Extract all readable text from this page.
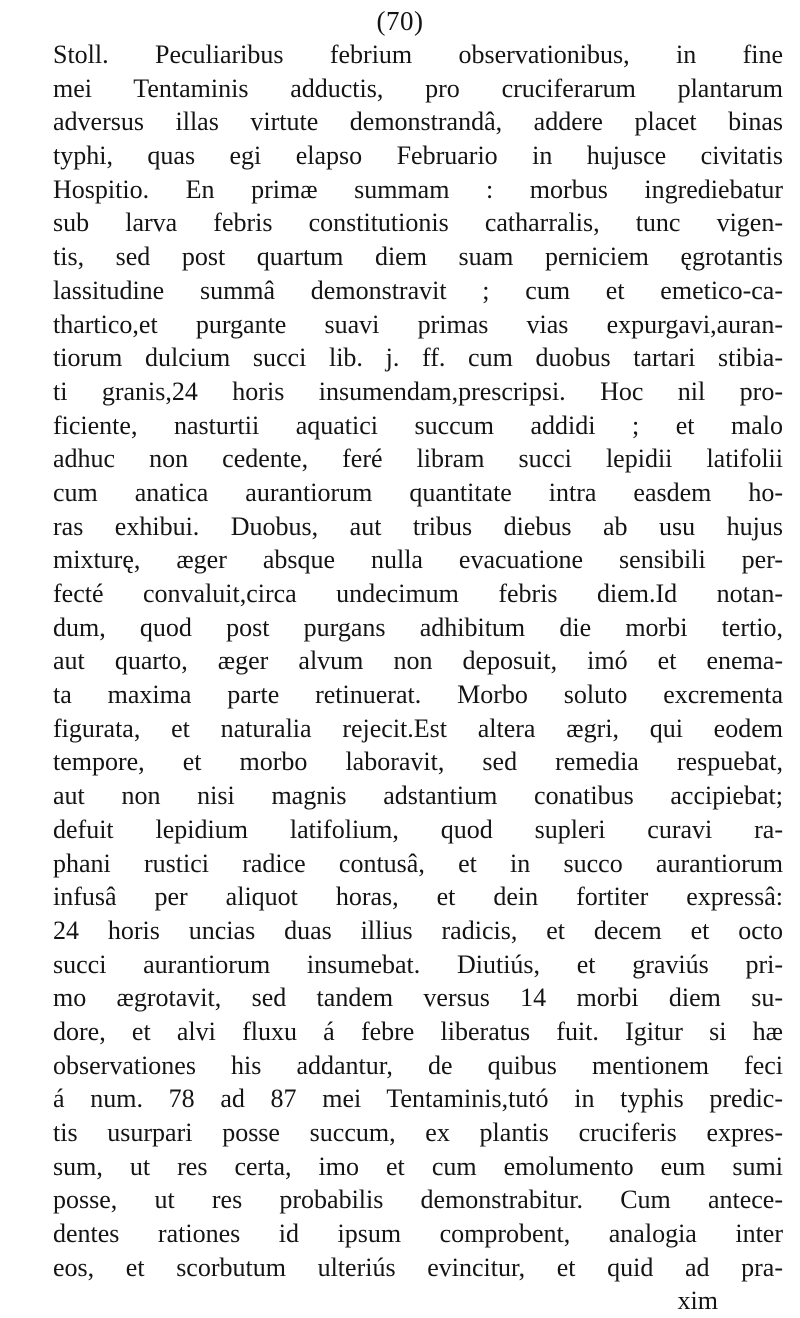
(70)
Stoll. Peculiaribus febrium observationibus, in fine
mei Tentaminis adductis, pro cruciferarum plantarum
adversus illas virtute demonstrandâ, addere placet binas
typhi, quas egi elapso Februario in hujusce civitatis
Hospitio. En primæ summam : morbus ingrediebatur
sub larva febris constitutionis catharralis, tunc vigen-
tis, sed post quartum diem suam perniciem ęgrotantis
lassitudine summâ demonstravit ; cum et emetico-ca-
thartico,et purgante suavi primas vias expurgavi,auran-
tiorum dulcium succi lib. j. ff. cum duobus tartari stibia-
ti granis,24 horis insumendam,prescripsi. Hoc nil pro-
ficiente, nasturtii aquatici succum addidi ; et malo
adhuc non cedente, feré libram succi lepidii latifolii
cum anatica aurantiorum quantitate intra easdem ho-
ras exhibui. Duobus, aut tribus diebus ab usu hujus
mixturę, æger absque nulla evacuatione sensibili per-
fecté convaluit,circa undecimum febris diem.Id notan-
dum, quod post purgans adhibitum die morbi tertio,
aut quarto, æger alvum non deposuit, imó et enema-
ta maxima parte retinuerat. Morbo soluto excrementa
figurata, et naturalia rejecit.Est altera ægri, qui eodem
tempore, et morbo laboravit, sed remedia respuebat,
aut non nisi magnis adstantium conatibus accipiebat;
defuit lepidium latifolium, quod supleri curavi ra-
phani rustici radice contusâ, et in succo aurantiorum
infusâ per aliquot horas, et dein fortiter expressâ:
24 horis uncias duas illius radicis, et decem et octo
succi aurantiorum insumebat. Diutiús, et graviús pri-
mo ægrotavit, sed tandem versus 14 morbi diem su-
dore, et alvi fluxu á febre liberatus fuit. Igitur si hæ
observationes his addantur, de quibus mentionem feci
á num. 78 ad 87 mei Tentaminis,tutó in typhis predic-
tis usurpari posse succum, ex plantis cruciferis expres-
sum, ut res certa, imo et cum emolumento eum sumi
posse, ut res probabilis demonstrabitur. Cum antece-
dentes rationes id ipsum comprobent, analogia inter
eos, et scorbutum ulteriús evincitur, et quid ad pra-
xim
